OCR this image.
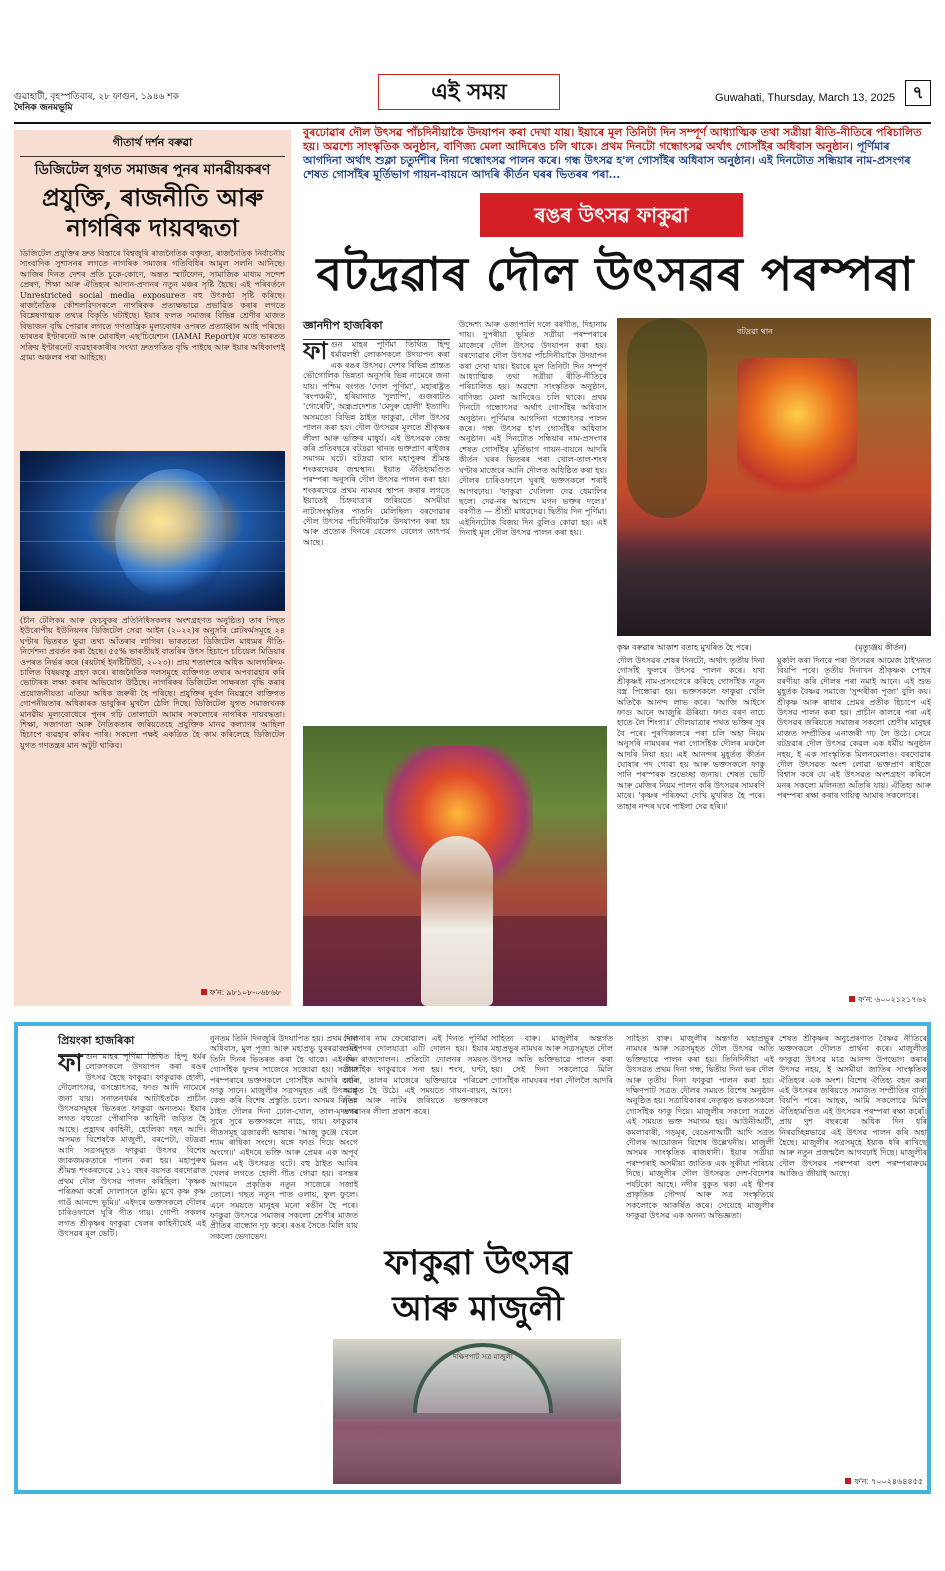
গুৱাহাটী, বৃহস্পতিবাৰ, ২৮ ফাগুন, ১৯৪৬ শক
দৈনিক জনমভূমি
এই সময়	Guwahati, Thursday, March 13, 2025	৭
গীতাৰ্থ দৰ্শন বৰুৱা
ডিজিটেল যুগত সমাজৰ পুনৰ মানৱীয়কৰণ
প্ৰযুক্তি, ৰাজনীতি আৰু নাগৰিক দায়বদ্ধতা
ডিজিটেল প্ৰযুক্তিৰ দ্ৰুত বিস্তাৰে বিশ্বজুৰি ৰাজনৈতিক বক্তৃতা, ৰাজনৈতিক নিৰ্বাচনীয় সাংবাদিক সুশাসনৰ লগতে নাগৰিক সমাজৰ গতিবিধিৰ আমূল সলনি আনিছে। আজিৰ দিনত দেশৰ প্ৰতি চুকে-কোণে, অন্তত স্মাৰ্টফোন, সামাজিক মাধ্যম সন্দেশ প্ৰেৰণ, শিক্ষা আৰু ঐতিহ্যৰ আদান-প্ৰদানৰ নতুন মঞ্চৰ সৃষ্টি হৈছে। এই পৰিবৰ্তনে Unrestricted social media exposureত বহু উৎকণ্ঠা সৃষ্টি কৰিছে। ৰাজনৈতিক কৌশলবিদসকলে নাগৰিকক প্ৰত্যক্ষভাৱে প্ৰভাৱিত কৰাৰ লগতে বিশ্লেষণাত্মক তথ্যৰ বিকৃতি ঘটাইছে। ইয়াৰ ফলত সমাজৰ বিভিন্ন শ্ৰেণীৰ মাজত বিভাজন বৃদ্ধি পোৱাৰ লগতে গণতান্ত্ৰিক মূল্যবোধৰ ওপৰত প্ৰত্যাহ্বান আহি পৰিছে। ভাৰতৰ ইণ্টাৰনেট আৰু মোবাইল এছ'চিয়েশ্যন (IAMAI Report)ৰ মতে ভাৰতত সক্ৰিয় ইণ্টাৰনেট ব্যৱহাৰকাৰীৰ সংখ্যা দ্ৰুতগতিত বৃদ্ধি পাইছে আৰু ইয়াৰ অধিকাংশই গ্ৰাম্য অঞ্চলৰ পৰা আহিছে।
(চীন টেলিকম আৰু ফেচবুকৰ প্ৰতিনিধিসকলৰ অংশগ্ৰহণত অনুষ্ঠিত) তাৰ পিছত ইউৰোপীয় ইউনিয়নৰ ডিজিটেল সেৱা আইন (২০২২)ৰ অনুসৰি প্লেটফৰ্মসমূহে ২৪ ঘণ্টাৰ ভিতৰত ভুৱা তথ্য আঁতৰাব লাগিব। ভাৰততো ডিজিটেল মাধ্যমৰ নীতি-নিৰ্দেশনা প্ৰবৰ্তন কৰা হৈছে। ৫৫% ভাৰতীয়ই বাতৰিৰ উৎস হিচাপে চচিয়েল মিডিয়াৰ ওপৰত নিৰ্ভৰ কৰে (ৰয়টাৰ্ছ ইনষ্টিটিউট, ২০২৩)। প্ৰায় শতাংশৰে অধিক আলগৰিদম-চালিত বিষয়বস্তু গ্ৰহণ কৰে। ৰাজনৈতিক দলসমূহে ব্যক্তিগত তথ্যৰ অপব্যৱহাৰ কৰি ভোটাৰক লক্ষ্য কৰাৰ অভিযোগ উঠিছে। নাগৰিকৰ ডিজিটেল সাক্ষৰতা বৃদ্ধি কৰাৰ প্ৰয়োজনীয়তা এতিয়া অধিক জৰুৰী হৈ পৰিছে। প্ৰযুক্তিৰ দুৰ্বল নিয়ন্ত্ৰণে ব্যক্তিগত গোপনীয়তাৰ অধিকাৰক ভাবুকিৰ মুখলৈ ঠেলি দিছে। ডিজিটেল যুগত সমাজখনক মানৱীয় মূল্যবোধেৰে পুনৰ গঢ়ি তোলাটো আমাৰ সকলোৰে নাগৰিক দায়বদ্ধতা। শিক্ষা, সজাগতা আৰু নৈতিকতাৰ জৰিয়তেহে প্ৰযুক্তিক মানৱ কল্যাণৰ আহিলা হিচাপে ব্যৱহাৰ কৰিব পাৰি। সকলো পক্ষই একত্ৰিত হৈ কাম কৰিলেহে ডিজিটেল যুগত গণতন্ত্ৰৰ মান অটুট থাকিব।
ফ'ন: ৯৮১০৮-০৬৮৬৮
বুৰঢোৱাৰ দৌল উৎসৱ পাঁচদিনীয়াকৈ উদযাপন কৰা দেখা যায়। ইয়াৰে মূল তিনিটা দিন সম্পূৰ্ণ আধ্যাত্মিক তথা সত্ৰীয়া ৰীতি-নীতিৰে পৰিচালিত হয়। অৱশ্যে সাংস্কৃতিক অনুষ্ঠান, বাণিজ্য মেলা আদিৰেও চলি থাকে। প্ৰথম দিনটো গন্ধোৎসৱ অৰ্থাৎ গোসাঁইৰ অধিবাস অনুষ্ঠান। পূৰ্ণিমাৰ আগদিনা অৰ্থাৎ শুক্লা চতুৰ্দশীৰ দিনা গন্ধোৎসৱ পালন কৰে। গন্ধ উৎসৱ হ'ল গোসাঁইৰ অধিবাস অনুষ্ঠান। এই দিনটোত সন্ধিয়াৰ নাম-প্ৰসংগৰ শেষত গোসাঁইৰ মূৰ্তিভাগ গায়ন-বায়নে আদৰি কীৰ্তন ঘৰৰ ভিতৰৰ পৰা...
ৰঙৰ উৎসৱ ফাকুৱা
বটদ্ৰৱাৰ দৌল উৎসৱৰ পৰম্পৰা
জ্ঞানদীপ হাজৰিকা
ফা গুন মাহৰ পূৰ্ণিমা তিথিত হিন্দু ধৰ্মাৱলম্বী লোকসকলে উদযাপন কৰা এক ৰঙৰ উৎসৱ। দেশৰ বিভিন্ন প্ৰান্তত ভৌগোলিক ভিন্নতা অনুসৰি ভিন্ন নামেৰে জনা যায়। পশ্চিম বংগত 'দোল পূৰ্ণিমা', মহাৰাষ্ট্ৰত 'ৰংপঞ্চমী', হৰিয়ানাত 'দুলান্দি', গুজৰাটত 'গোৰেটি', অন্ধ্ৰপ্ৰদেশত 'মেদুৰু হোলী' ইত্যাদি। অসমতো বিভিন্ন ঠাইত ফাকুৱা, দৌল উৎসৱ পালন কৰা হয়। দৌল উৎসৱৰ মূলতে শ্ৰীকৃষ্ণৰ লীলা আৰু ভক্তিৰ মাধুৰ্য। এই উৎসৱক কেন্দ্ৰ কৰি প্ৰতিবছৰে বটদ্ৰৱা থানত ভক্তপ্ৰাণ ৰাইজৰ সমাগম ঘটে। বটদ্ৰৱা থান মহাপুৰুষ শ্ৰীমন্ত শংকৰদেৱৰ জন্মস্থান। ইয়াত ঐতিহ্যমণ্ডিত পৰম্পৰা অনুসৰি দৌল উৎসৱ পালন কৰা হয়। শংকৰদেৱে প্ৰথম নামঘৰ স্থাপন কৰাৰ লগতে ইয়াতেই চিহ্নযাত্ৰাৰ জৰিয়তে অসমীয়া নাট্যসংস্কৃতিৰ পাতনি মেলিছিল। বৰদোৱাৰ দৌল উৎসৱ পাঁচদিনীয়াকৈ উদযাপন কৰা হয় আৰু প্ৰত্যেক দিনৰে বেলেগ বেলেগ তাৎপৰ্য আছে।
উদ্দেশ্য আৰু ওজাপালি দলে বৰগীত, দিহানাম গায়। দুপৰীয়া ভূমিত সত্ৰীয়া পৰম্পৰাৰে মাজেৰে দৌল উৎসৱ উদযাপন কৰা হয়। বৰদোৱাৰ দৌল উৎসৱ পাঁচদিনীয়াকৈ উদযাপন কৰা দেখা যায়। ইয়াৰে মূল তিনিটা দিন সম্পূৰ্ণ আধ্যাত্মিক তথা সত্ৰীয়া ৰীতি-নীতিৰে পৰিচালিত হয়। অৱশ্যে সাংস্কৃতিক অনুষ্ঠান, বাণিজ্য মেলা আদিৰেও চলি থাকে। প্ৰথম দিনটো গন্ধোৎসৱ অৰ্থাৎ গোসাঁইৰ অধিবাস অনুষ্ঠান। পূৰ্ণিমাৰ আগদিনা গন্ধোৎসৱ পালন কৰে। গন্ধ উৎসৱ হ'ল গোসাঁইৰ অধিবাস অনুষ্ঠান। এই দিনটোত সন্ধিয়াৰ নাম-প্ৰসংগৰ শেষত গোসাঁইৰ মূৰ্তিভাগ গায়ন-বায়নে আদৰি কীৰ্তন ঘৰৰ ভিতৰৰ পৰা খোল-তাল-শংখ ঘণ্টাৰ মাজেৰে আনি দৌলত অধিষ্ঠিত কৰা হয়। দৌলৰ চাৰিওফালে ঘূৰাই ভক্তসকলে শৰাই আগবঢ়ায়। 'ফাকুৱা খেলিলা দেৱ ধেমালিৰ ছলে। দেৱ-নৰ আনন্দে মগন ভক্তৰ দলে॥' বৰগীত — শ্ৰীশ্ৰী মাধৱদেৱ। দ্বিতীয় দিন পূৰ্ণিমা। এইদিনটোক বিজয় দিন বুলিও কোৱা হয়। এই দিনাই মূল দৌল উৎসৱ পালন কৰা হয়।
বটদ্ৰৱা থান
কৃষ্ণ বৰুৱাৰ আকাশ বতাহ মুখৰিত হৈ পৰে।	(মৃত্যুঞ্জয় কীৰ্তন)
দৌল উৎসৱৰ শেষৰ দিনটো, অৰ্থাৎ তৃতীয় দিনা গোসাঁই ফুলৰে উৎসৱ পালন কৰে। যখা শ্ৰীকৃষ্ণই নাম-প্ৰসংগেৰে কৰিহে গোসাঁইক নতুন বস্ত্ৰ পিন্ধোৱা হয়। ভক্তসকলে ফাকুৱা খেলি অতিকৈ আনন্দ লাভ কৰে। 'আজি আইসে ফাগু আনে আজুৰি ঊৰিয়া। ফাগু বৰণ নাচে হাতে লৈ শিংগা॥' দৌলযাত্ৰাৰ পথত ভক্তিৰ সুৰ বৈ পৰে। পুৰণিকালৰে পৰা চলি অহা নিয়ম অনুসৰি নামঘৰৰ পৰা গোসাঁইক দৌলৰ মঞ্চলৈ আদৰি নিয়া হয়। এই আনন্দৰ মুহূৰ্তত কীৰ্তন ঘোষাৰ পদ গোৱা হয় আৰু ভক্তসকলে ফাকু সানি পৰস্পৰক শুভেচ্ছা জনায়। শেষত ভেটি আৰু মেজিৰ নিয়ম পালন কৰি উৎসৱৰ সামৰণি মাৰে। 'কৃষ্ণৰ পৰিক্ৰমা দেখি মুখৰিত হৈ পৰে। তাহাৰ নন্দৰ ঘৰে পাইলা দেৱ হৰি॥'
মুকলি কৰা দিনৰে পৰা উৎসৱৰ আমেজ ঠাইখনত বিয়পি পৰে। তৃতীয় দিনাখন শ্ৰীকৃষ্ণক পোহৰ বৰণীয়া কৰি দৌলৰ পৰা নমাই আনে। এই শুভ মুহূৰ্তক বৈষ্ণৱ সমাজে 'সুন্দৰীকা পূজা' বুলি কয়। শ্ৰীকৃষ্ণ আৰু ৰাধাৰ প্ৰেমৰ প্ৰতীক হিচাপে এই উৎসৱ পালন কৰা হয়। প্ৰাচীন কালৰে পৰা এই উৎসৱৰ জৰিয়তে সমাজৰ সকলো শ্ৰেণীৰ মানুহৰ মাজত সম্প্ৰীতিৰ এনাজৰী গঢ় লৈ উঠে। সেয়ে বটদ্ৰৱাৰ দৌল উৎসৱ কেৱল এক ধৰ্মীয় অনুষ্ঠান নহয়, ই এক সাংস্কৃতিক মিলনমেলাও। বৰদোৱাৰ দৌল উৎসৱত অংশ লোৱা ভক্তপ্ৰাণ ৰাইজে বিশ্বাস কৰে যে এই উৎসৱত অংশগ্ৰহণ কৰিলে মনৰ সকলো মলিনতা আঁতৰি যায়। ঐতিহ্য আৰু পৰম্পৰা ৰক্ষা কৰাৰ দায়িত্ব আমাৰ সকলোৰে।
ফ'ন: ৬০০২১২১৭৬২
প্ৰিয়ংকা হাজৰিকা
ফা গুন মাহৰ পূৰ্ণিমা তিথিত হিন্দু ধৰ্মৰ লোকসকলে উদযাপন কৰা ৰঙৰ উৎসৱ হৈছে ফাকুৱা। ফাকুৱাক হোলী, দৌলোৎসৱ, বসন্তোৎসৱ, ফাগু আদি নামেৰে জনা যায়। সনাতনধৰ্মৰ আটাইতকৈ প্ৰাচীন উৎসৱসমূহৰ ভিতৰত ফাকুৱা অন্যতম। ইয়াৰ লগত বহুতো পৌৰাণিক কাহিনী জড়িত হৈ আছে। প্ৰহ্লাদৰ কাহিনী, হোলিকা দহন আদি। অসমত বিশেষকৈ মাজুলী, বৰপেটা, বটদ্ৰৱা আদি সত্ৰসমূহত ফাকুৱা উৎসৱ বিশেষ জাকজমকতাৰে পালন কৰা হয়। মহাপুৰুষ শ্ৰীমন্ত শংকৰদেৱে ১২১ বছৰ বয়সত বৰদোৱাত প্ৰথম দৌল উৎসৱ পালন কৰিছিল। 'কৃষ্ণক পৰিক্ৰমা কৰোঁ দোলাসনে তুমি। মুখে কৃষ্ণ কৃষ্ণ গাওঁ আনন্দে ভূমি॥' এইদৰে ভক্তসকলে দৌলৰ চাৰিওফালে ঘূৰি গীত গায়। গোপী সকলৰ লগত শ্ৰীকৃষ্ণৰ ফাকুৱা খেলৰ কাহিনীয়েই এই উৎসৱৰ মূল ভেটি।
নুনতম তিনি দিনজুৰি উদযাপিত হয়। প্ৰথম দিনা অধিবাস, মুল পূজা আৰু মহাপ্ৰভু যুৰৰৱাক এই তিনি দিনৰ ভিতৰত কৰা হৈ থাকে। এই দিন গোসাঁইক ফুলৰ সাজেৰে সজোৱা হয়। সত্ৰীয়া পৰম্পৰাৰে ভক্তসকলে গোসাঁইক আদৰি আনি ফাকু সানে। মাজুলীৰ সত্ৰসমূহত এই উৎসৱক কেন্দ্ৰ কৰি বিশেষ প্ৰস্তুতি চলে। অসমৰ বিভিন্ন ঠাইত দৌলৰ দিনা ঢোল-খোল, তাল-মৃদংগৰ সুৰে সুৰে ভক্তসকলে নাচে, গায়। ফাকুৱাৰ গীতসমূহ ব্ৰজাৱলী ভাষাৰ। 'আজু কুঞ্জে খেলে শ্যাম ৰাধিকা সংগে। ৰঙ্গে ফাগু দিয়ে অংগে অংগে॥' এইদৰে ভক্তি আৰু প্ৰেমৰ এক অপূৰ্ব মিলন এই উৎসৱত ঘটে। বহু ঠাইত আবিৰ খেলৰ লগতে হোলী গীত গোৱা হয়। বসন্তৰ আগমনে প্ৰকৃতিক নতুন সাজেৰে সজাই তোলে। গছত নতুন পাত ওলায়, ফুল ফুলে। এনে সময়তে মানুহৰ মনো ৰঙীন হৈ পৰে। ফাকুৱা উৎসৱে সমাজৰ সকলো শ্ৰেণীৰ মাজত প্ৰীতিৰ বান্ধোন দৃঢ় কৰে। ৰঙৰ সৈতে মিলি যায় সকলো ভেদাভেদ।
দোলনাৰ নাম ফেৰোৱাল। এই দিনত পূৰ্ণিমা প্ৰতিপদৰ দোলযাত্ৰা এটি দোলন হয়। ইয়াৰ নাম ৰাজদোলন। প্ৰতিটো দোলনৰ সময়ত গোসাঁইক ফাকুৱাৰে সনা হয়। শংখ, ঘণ্টা, খোল, তালৰ মাজেৰে ভক্তিভাৱে পৰিৱেশ আপ্লুত হৈ উঠে। এই সময়তে গায়ন-বায়ন, নৃত্য আৰু নাটৰ জৰিয়তে ভক্তসকলে ভগৱানৰ লীলা প্ৰকাশ কৰে।
সাহিত্য বাৰু। মাজুলীৰ অন্তৰ্গত মহাপ্ৰভুৰ নামঘৰ আৰু সত্ৰসমূহত দৌল উৎসৱ অতি ভক্তিভাৱে পালন কৰা হয়। সেই দিনা সকলোৱে মিলি গোসাঁইক নামঘৰৰ পৰা দৌললৈ আদৰি আনে।
ফাকুৱা উৎসৱ
আৰু মাজুলী
দক্ষিণপাট সত্ৰ মাজুলী
সাহিত্য বাৰু। মাজুলীৰ অন্তৰ্গত মহাপ্ৰভুৰ নামঘৰ আৰু সত্ৰসমূহত দৌল উৎসৱ অতি ভক্তিভাৱে পালন কৰা হয়। তিনিদিনীয়া এই উৎসৱত প্ৰথম দিনা গন্ধ, দ্বিতীয় দিনা ভৰ দৌল আৰু তৃতীয় দিনা ফাকুৱা পালন কৰা হয়। দক্ষিণপাট সত্ৰত দৌলৰ সময়ত বিশেষ অনুষ্ঠান অনুষ্ঠিত হয়। সত্ৰাধিকাৰৰ নেতৃত্বত ভকতসকলে গোসাঁইক ফাকু দিয়ে। মাজুলীৰ সকলো সত্ৰতে এই সময়ত ভক্ত সমাগম হয়। আউনীআটী, কমলাবাৰী, গড়মূৰ, বেঙেনাআটী আদি সত্ৰত দৌলৰ আয়োজন বিশেষ উল্লেখনীয়। মাজুলী অসমৰ সাংস্কৃতিক ৰাজধানী। ইয়াৰ সত্ৰীয়া পৰম্পৰাই অসমীয়া জাতিক এক সুকীয়া পৰিচয় দিছে। মাজুলীৰ দৌল উৎসৱত দেশ-বিদেশৰ পৰ্যটকো আহে। নদীৰ বুকুত থকা এই দ্বীপৰ প্ৰাকৃতিক সৌন্দৰ্য আৰু সত্ৰ সংস্কৃতিয়ে সকলোকে আকৰ্ষিত কৰে। সেয়েহে মাজুলীৰ ফাকুৱা উৎসৱ এক অনন্য অভিজ্ঞতা।
শেষত শ্ৰীকৃষ্ণৰ অনুপ্ৰেৰণাত বৈষ্ণৱ নীতিৰে ভক্তসকলে দৌলত প্ৰাৰ্থনা কৰে। মাজুলীত ফাকুৱা উৎসৱ মাত্ৰ আনন্দ উপভোগ কৰাৰ উৎসৱ নহয়, ই অসমীয়া জাতিৰ সাংস্কৃতিক ঐতিহ্যৰ এক অংশ। বিশেষ ঐতিহ্য বহন কৰা এই উৎসৱৰ জৰিয়তে সমাজত সম্প্ৰীতিৰ বাৰ্তা বিয়পি পৰে। আহক, আমি সকলোৱে মিলি ঐতিহ্যমণ্ডিত এই উৎসৱৰ পৰম্পৰা ৰক্ষা কৰোঁ। প্ৰায় দুশ বছৰৰো অধিক দিন ধৰি নিৰৱচ্ছিন্নভাৱে এই উৎসৱ পালন কৰি অহা হৈছে। মাজুলীৰ সত্ৰসমূহে ইয়াক ধৰি ৰাখিছে আৰু নতুন প্ৰজন্মলৈ আগবঢ়াই দিছে। মাজুলীৰ দৌল উৎসৱৰ পৰম্পৰা বংশ পৰম্পৰাক্ৰমে আজিও জীয়াই আছে।
ফ'ন: ৭০০২৪৬৪৪৫৫
